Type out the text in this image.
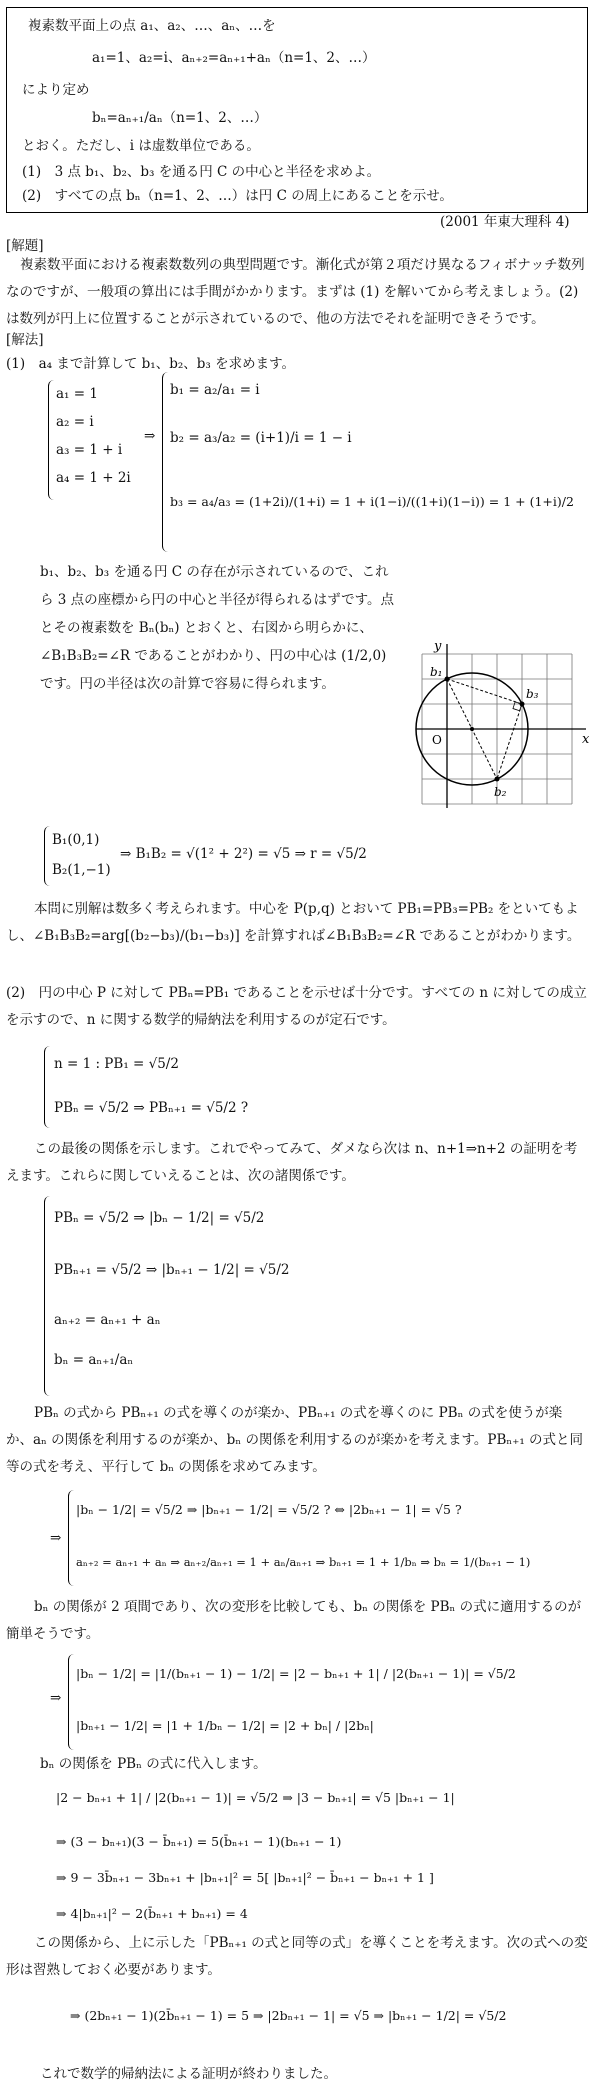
複素数平面上の点 a₁、a₂、…、aₙ、…を
a₁=1、a₂=i、aₙ₊₂=aₙ₊₁+aₙ（n=1、2、…）
により定め
bₙ=aₙ₊₁/aₙ（n=1、2、…）
とおく。ただし、i は虚数単位である。
(1)　3 点 b₁、b₂、b₃ を通る円 C の中心と半径を求めよ。
(2)　すべての点 bₙ（n=1、2、…）は円 C の周上にあることを示せ。
(2001 年東大理科 4)
[解題]
複素数平面における複素数数列の典型問題です。漸化式が第２項だけ異なるフィボナッチ数列なのですが、一般項の算出には手間がかかります。まずは (1) を解いてから考えましょう。(2) は数列が円上に位置することが示されているので、他の方法でそれを証明できそうです。
[解法]
(1)　a₄ まで計算して b₁、b₂、b₃ を求めます。
a₁ = 1
a₂ = i
a₃ = 1 + i
a₄ = 1 + 2i
⇒
b₁ = a₂/a₁ = i
b₂ = a₃/a₂ = (i+1)/i = 1 − i
b₃ = a₄/a₃ = (1+2i)/(1+i) = 1 + i(1−i)/((1+i)(1−i)) = 1 + (1+i)/2
b₁、b₂、b₃ を通る円 C の存在が示されているので、これら 3 点の座標から円の中心と半径が得られるはずです。点とその複素数を Bₙ(bₙ) とおくと、右図から明らかに、∠B₁B₃B₂=∠R であることがわかり、円の中心は (1/2,0) です。円の半径は次の計算で容易に得られます。
x
y
O
b₁
b₂
b₃
B₁(0,1)
B₂(1,−1)
⇒ B₁B₂ = √(1² + 2²) = √5 ⇒ r = √5/2
本問に別解は数多く考えられます。中心を P(p,q) とおいて PB₁=PB₃=PB₂ をといてもよし、∠B₁B₃B₂=arg[(b₂−b₃)/(b₁−b₃)] を計算すれば∠B₁B₃B₂=∠R であることがわかります。
(2)　円の中心 P に対して PBₙ=PB₁ であることを示せば十分です。すべての n に対しての成立を示すので、n に関する数学的帰納法を利用するのが定石です。
n = 1 : PB₁ = √5/2
PBₙ = √5/2 ⇒ PBₙ₊₁ = √5/2 ?
この最後の関係を示します。これでやってみて、ダメなら次は n、n+1⇒n+2 の証明を考えます。これらに関していえることは、次の諸関係です。
PBₙ = √5/2 ⇒ |bₙ − 1/2| = √5/2
PBₙ₊₁ = √5/2 ⇒ |bₙ₊₁ − 1/2| = √5/2
aₙ₊₂ = aₙ₊₁ + aₙ
bₙ = aₙ₊₁/aₙ
PBₙ の式から PBₙ₊₁ の式を導くのが楽か、PBₙ₊₁ の式を導くのに PBₙ の式を使うが楽か、aₙ の関係を利用するのが楽か、bₙ の関係を利用するのが楽かを考えます。PBₙ₊₁ の式と同等の式を考え、平行して bₙ の関係を求めてみます。
⇒
|bₙ − 1/2| = √5/2 ⇒ |bₙ₊₁ − 1/2| = √5/2 ? ⇔ |2bₙ₊₁ − 1| = √5 ?
aₙ₊₂ = aₙ₊₁ + aₙ ⇒ aₙ₊₂/aₙ₊₁ = 1 + aₙ/aₙ₊₁ ⇒ bₙ₊₁ = 1 + 1/bₙ ⇒ bₙ = 1/(bₙ₊₁ − 1)
bₙ の関係が 2 項間であり、次の変形を比較しても、bₙ の関係を PBₙ の式に適用するのが簡単そうです。
⇒
|bₙ − 1/2| = |1/(bₙ₊₁ − 1) − 1/2| = |2 − bₙ₊₁ + 1| / |2(bₙ₊₁ − 1)| = √5/2
|bₙ₊₁ − 1/2| = |1 + 1/bₙ − 1/2| = |2 + bₙ| / |2bₙ|
bₙ の関係を PBₙ の式に代入します。
|2 − bₙ₊₁ + 1| / |2(bₙ₊₁ − 1)| = √5/2 ⇒ |3 − bₙ₊₁| = √5 |bₙ₊₁ − 1|
⇒ (3 − bₙ₊₁)(3 − b̄ₙ₊₁) = 5(b̄ₙ₊₁ − 1)(bₙ₊₁ − 1)
⇒ 9 − 3b̄ₙ₊₁ − 3bₙ₊₁ + |bₙ₊₁|² = 5[ |bₙ₊₁|² − b̄ₙ₊₁ − bₙ₊₁ + 1 ]
⇒ 4|bₙ₊₁|² − 2(b̄ₙ₊₁ + bₙ₊₁) = 4
この関係から、上に示した「PBₙ₊₁ の式と同等の式」を導くことを考えます。次の式への変形は習熟しておく必要があります。
⇒ (2bₙ₊₁ − 1)(2b̄ₙ₊₁ − 1) = 5 ⇒ |2bₙ₊₁ − 1| = √5 ⇒ |bₙ₊₁ − 1/2| = √5/2
これで数学的帰納法による証明が終わりました。
